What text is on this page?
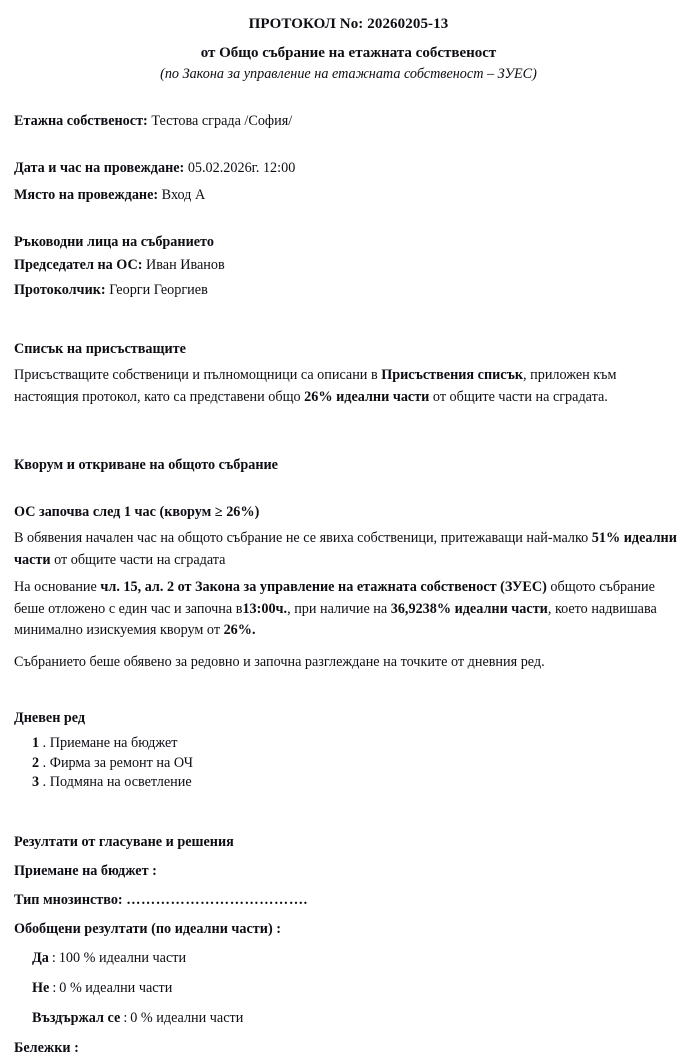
ПРОТОКОЛ No: 20260205-13
от Общо събрание на етажната собственост
(по Закона за управление на етажната собственост – ЗУЕС)

Етажна собственост: Тестова сграда /София/

Дата и час на провеждане: 05.02.2026г. 12:00

Място на провеждане: Вход А

Ръководни лица на събранието

Председател на ОС: Иван Иванов

Протоколчик: Георги Георгиев

Списък на присъстващите

Присъстващите собственици и пълномощници са описани в Присъствения списък, приложен към настоящия протокол, като са представени общо 26% идеални части от общите части на сградата.

Кворум и откриване на общото събрание

ОС започва след 1 час (кворум ≥ 26%)

В обявения начален час на общото събрание не се явиха собственици, притежаващи най-малко 51% идеални части от общите части на сградата

На основание чл. 15, ал. 2 от Закона за управление на етажната собственост (ЗУЕС) общото събрание беше отложено с един час и започна в13:00ч., при наличие на 36,9238% идеални части, което надвишава минимално изискуемия кворум от 26%.

Събранието беше обявено за редовно и започна разглеждане на точките от дневния ред.

Дневен ред

1 . Приемане на бюджет
2 . Фирма за ремонт на ОЧ
3 . Подмяна на осветление

Резултати от гласуване и решения

Приемане на бюджет :

Тип мнозинство: ……………………………….

Обобщени резултати (по идеални части) :

Да : 100 % идеални части
Не : 0 % идеални части
Въздържал се : 0 % идеални части

Бележки :
